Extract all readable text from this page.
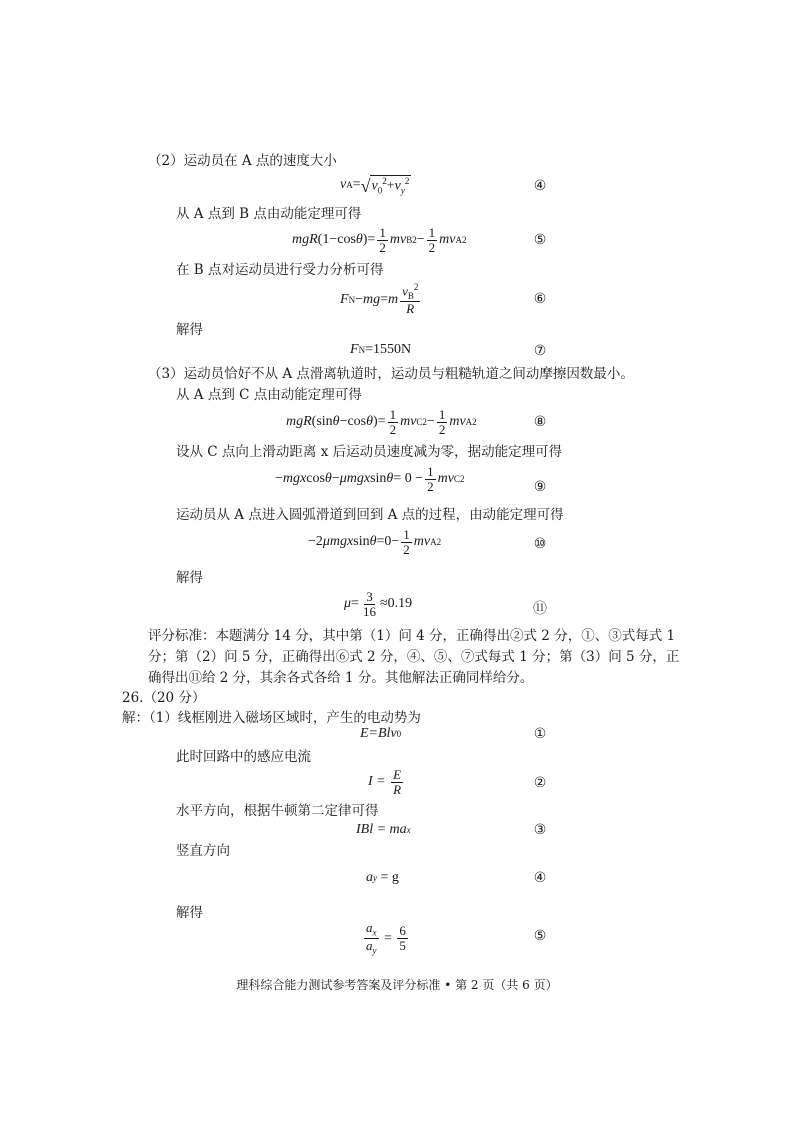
（2）运动员在 A 点的速度大小
v A = √ $v_0^2+v_y^2$	④
从 A 点到 B 点由动能定理可得
mgR (1−cos θ )= $\frac{1}{2}$ mv B $2 - \frac{1}{2}$ mv A 2	⑤
在 B 点对运动员进行受力分析可得
F N − mg = m $\frac{v_B^2}{R}$	⑥
解得
F N =1550N	⑦
（3）运动员恰好不从 A 点滑离轨道时，运动员与粗糙轨道之间动摩擦因数最小。
从 A 点到 C 点由动能定理可得
mgR (sin θ −cos θ )= $\frac{1}{2}$ mv C $2 - \frac{1}{2}$ mv A 2	⑧
设从 C 点向上滑动距离 x 后运动员速度减为零，据动能定理可得
− mgx cos θ − μmgx $\sin \theta = 0 - \frac{1}{2}$ mv C 2	⑨
运动员从 A 点进入圆弧滑道到回到 A 点的过程，由动能定理可得
−2 μmgx $\sin \theta =0- \frac{1}{2}$ mv A 2	⑩
解得
$\mu = \frac{3}{16} \approx 0.19$	⑪
评分标准：本题满分 14 分，其中第（1）问 4 分，正确得出②式 2 分，①、③式每式 1
分；第（2）问 5 分，正确得出⑥式 2 分，④、⑤、⑦式每式 1 分；第（3）问 5 分，正
确得出⑪给 2 分，其余各式各给 1 分。其他解法正确同样给分。
26.（20 分）
解：（1）线框刚进入磁场区域时，产生的电动势为
E=Blv 0	①
此时回路中的感应电流
I =
$\frac{E}{R}$	②
水平方向，根据牛顿第二定律可得
IBl = ma x	③
竖直方向
a y
= g	④
解得
$\frac{a_x}{a_y} = \frac{6}{5}$	⑤
理科综合能力测试参考答案及评分标准 • 第 2 页（共 6 页）
